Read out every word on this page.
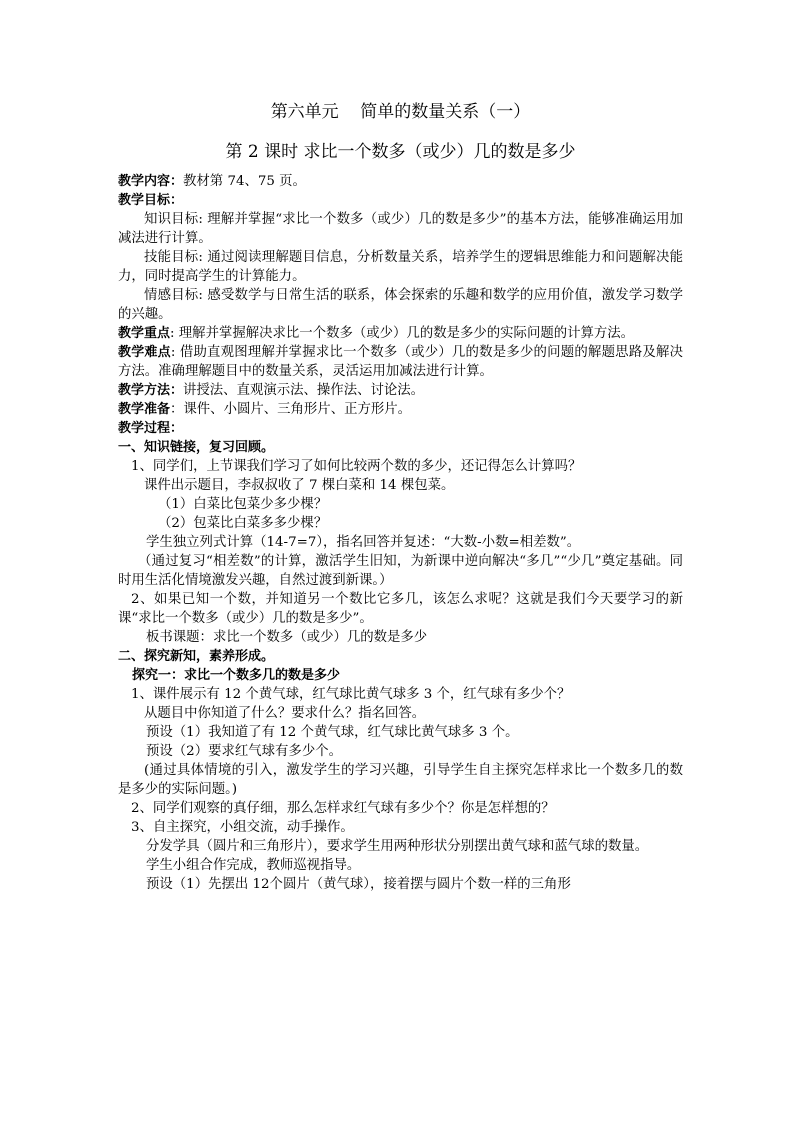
第六单元    简单的数量关系（一）
第 2 课时 求比一个数多（或少）几的数是多少

教学内容：教材第 74、75 页。

教学目标：

知识目标: 理解并掌握“求比一个数多（或少）几的数是多少”的基本方法，能够准确运用加减法进行计算。

技能目标: 通过阅读理解题目信息，分析数量关系，培养学生的逻辑思维能力和问题解决能力，同时提高学生的计算能力。

情感目标: 感受数学与日常生活的联系，体会探索的乐趣和数学的应用价值，激发学习数学的兴趣。

教学重点: 理解并掌握解决求比一个数多（或少）几的数是多少的实际问题的计算方法。

教学难点: 借助直观图理解并掌握求比一个数多（或少）几的数是多少的问题的解题思路及解决方法。准确理解题目中的数量关系，灵活运用加减法进行计算。

教学方法：讲授法、直观演示法、操作法、讨论法。

教学准备：课件、小圆片、三角形片、正方形片。

教学过程：

一、知识链接，复习回顾。

1、同学们，上节课我们学习了如何比较两个数的多少，还记得怎么计算吗？

课件出示题目，李叔叔收了 7 棵白菜和 14 棵包菜。

（1）白菜比包菜少多少棵？

（2）包菜比白菜多多少棵？

学生独立列式计算（14-7=7），指名回答并复述：“大数-小数=相差数”。

（通过复习“相差数”的计算，激活学生旧知，为新课中逆向解决“多几”“少几”奠定基础。同时用生活化情境激发兴趣，自然过渡到新课。）

2、如果已知一个数，并知道另一个数比它多几，该怎么求呢？这就是我们今天要学习的新课“求比一个数多（或少）几的数是多少”。

板书课题：求比一个数多（或少）几的数是多少

二、探究新知，素养形成。

探究一：求比一个数多几的数是多少

1、课件展示有 12 个黄气球，红气球比黄气球多 3 个，红气球有多少个？

从题目中你知道了什么？要求什么？指名回答。

预设（1）我知道了有 12 个黄气球，红气球比黄气球多 3 个。

预设（2）要求红气球有多少个。

(通过具体情境的引入，激发学生的学习兴趣，引导学生自主探究怎样求比一个数多几的数是多少的实际问题。)

2、同学们观察的真仔细，那么怎样求红气球有多少个？你是怎样想的？

3、自主探究，小组交流，动手操作。

分发学具（圆片和三角形片），要求学生用两种形状分别摆出黄气球和蓝气球的数量。

学生小组合作完成，教师巡视指导。

预设（1）先摆出 12个圆片（黄气球），接着摆与圆片个数一样的三角形
